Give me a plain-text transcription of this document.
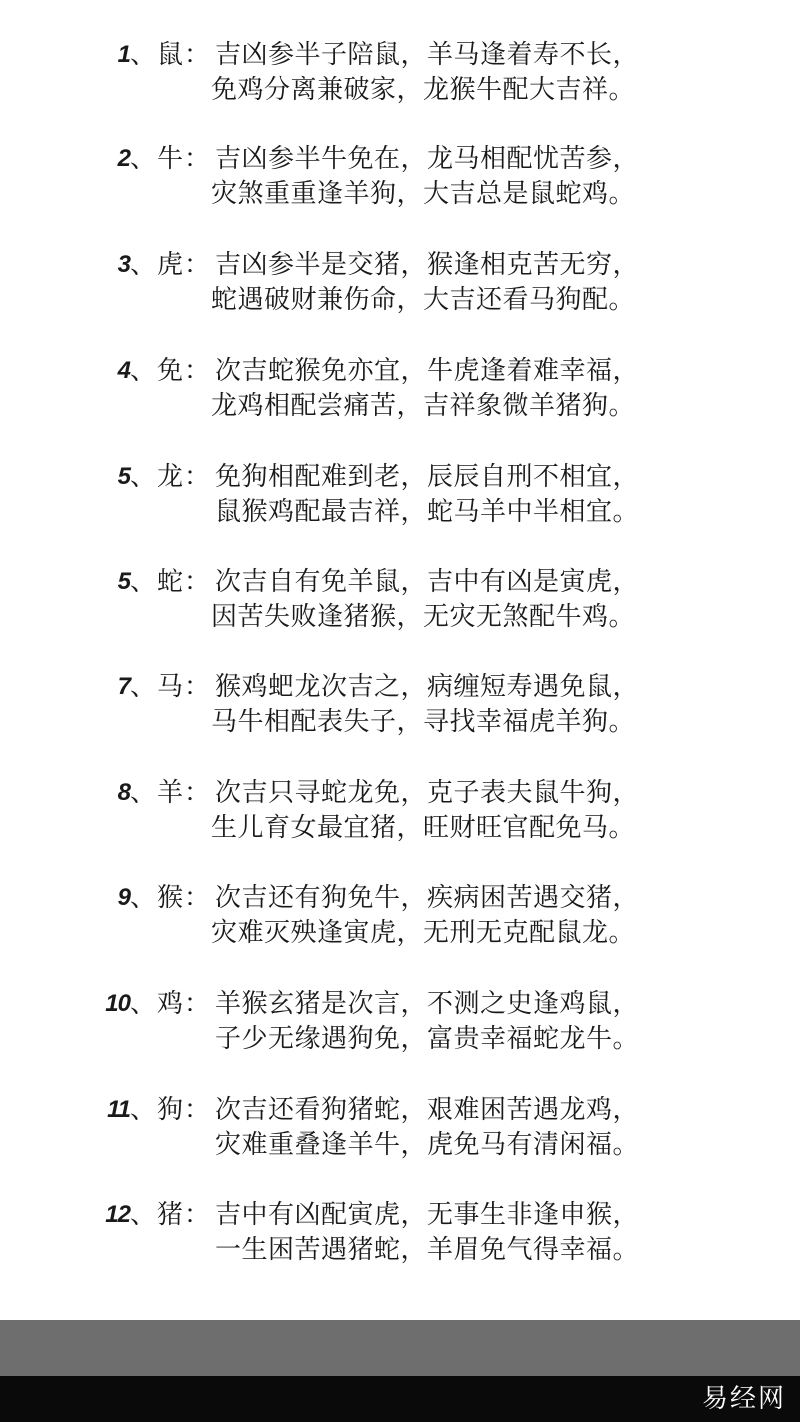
1 、 鼠 ： 吉凶参半子陪鼠，羊马逢着寿不长，
免鸡分离兼破家，龙猴牛配大吉祥。
2 、 牛 ： 吉凶参半牛免在，龙马相配忧苦参，
灾煞重重逢羊狗，大吉总是鼠蛇鸡。
3 、 虎 ： 吉凶参半是交猪，猴逢相克苦无穷，
蛇遇破财兼伤命，大吉还看马狗配。
4 、 免 ： 次吉蛇猴免亦宜，牛虎逢着难幸福，
龙鸡相配尝痛苦，吉祥象微羊猪狗。
5 、 龙 ： 免狗相配难到老，辰辰自刑不相宜，
鼠猴鸡配最吉祥，蛇马羊中半相宜。
5 、 蛇 ： 次吉自有免羊鼠，吉中有凶是寅虎，
因苦失败逢猪猴，无灾无煞配牛鸡。
7 、 马 ： 猴鸡蚆龙次吉之，病缠短寿遇免鼠，
马牛相配表失子，寻找幸福虎羊狗。
8 、 羊 ： 次吉只寻蛇龙免，克子表夫鼠牛狗，
生儿育女最宜猪，旺财旺官配免马。
9 、 猴 ： 次吉还有狗免牛，疾病困苦遇交猪，
灾难灭殃逢寅虎，无刑无克配鼠龙。
10 、 鸡 ： 羊猴玄猪是次言，不测之史逢鸡鼠，
子少无缘遇狗免，富贵幸福蛇龙牛。
11 、 狗 ： 次吉还看狗猪蛇，艰难困苦遇龙鸡，
灾难重叠逢羊牛，虎免马有清闲福。
12 、 猪 ： 吉中有凶配寅虎，无事生非逢申猴，
一生困苦遇猪蛇，羊眉免气得幸福。
易经网
